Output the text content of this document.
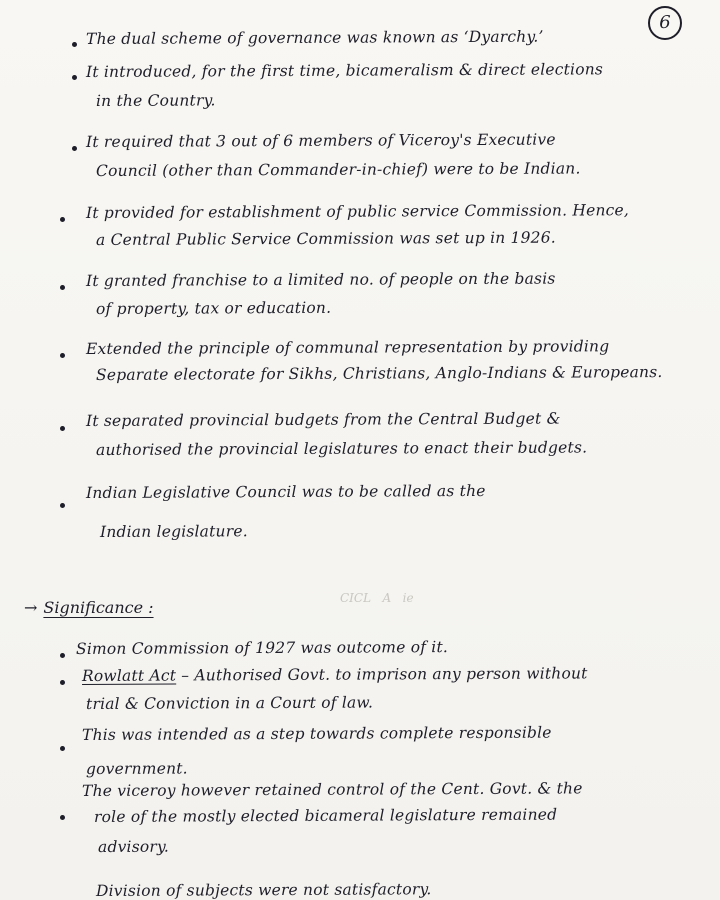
6
The dual scheme of governance was known as ‘Dyarchy.’
It introduced, for the first time, bicameralism & direct elections
in the Country.
It required that 3 out of 6 members of Viceroy's Executive
Council (other than Commander-in-chief) were to be Indian.
It provided for establishment of public service Commission. Hence,
a Central Public Service Commission was set up in 1926.
It granted franchise to a limited no. of people on the basis
of property, tax or education.
Extended the principle of communal representation by providing
Separate electorate for Sikhs, Christians, Anglo-Indians & Europeans.
It separated provincial budgets from the Central Budget &
authorised the provincial legislatures to enact their budgets.
Indian Legislative Council was to be called as the
Indian legislature.
CICL   A   ie
→ Significance :
Simon Commission of 1927 was outcome of it.
Rowlatt Act – Authorised Govt. to imprison any person without
trial & Conviction in a Court of law.
This was intended as a step towards complete responsible
government.
The viceroy however retained control of the Cent. Govt. & the
role of the mostly elected bicameral legislature remained
advisory.
Division of subjects were not satisfactory.
